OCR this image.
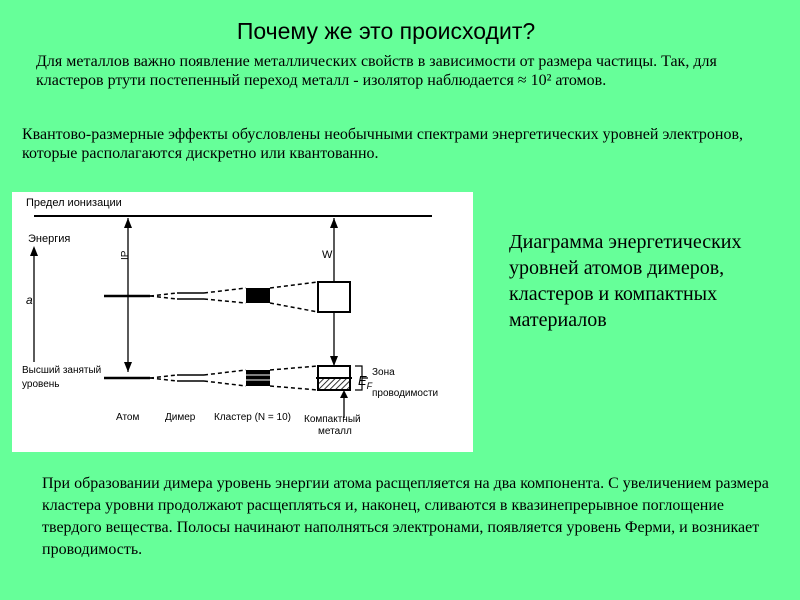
Почему же это происходит?
Для металлов важно появление металлических свойств в зависимости от размера частицы. Так, для кластеров ртути постепенный переход металл - изолятор наблюдается ≈ 10² атомов.
Квантово-размерные эффекты обусловлены необычными спектрами энергетических уровней электронов, которые располагаются дискретно или квантованно.
Предел ионизации
Энергия
a
IP	W
Высший занятый
уровень	$E_F$
Зона
проводимости
Атом	Димер Кластер (N = 10) Компактный
металл
Диаграмма энергетических уровней атомов димеров, кластеров и компактных материалов
При образовании димера уровень энергии атома расщепляется на два компонента. С увеличением размера кластера уровни продолжают расщепляться и, наконец, сливаются в квазинепрерывное поглощение твердого вещества. Полосы начинают наполняться электронами, появляется уровень Ферми, и возникает проводимость.
